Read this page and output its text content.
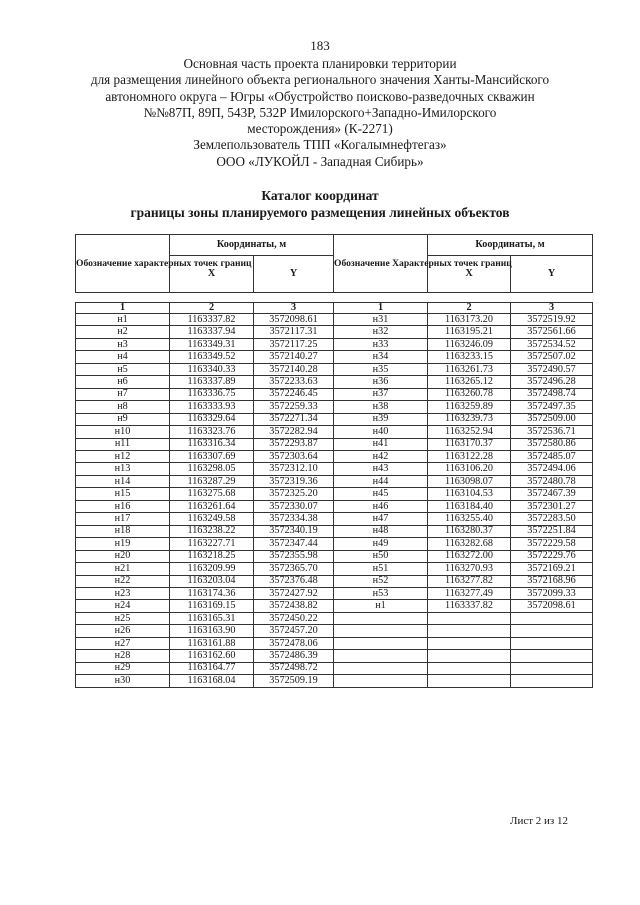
183
Основная часть проекта планировки территории
для размещения линейного объекта регионального значения Ханты-Мансийского
автономного округа – Югры «Обустройство поисково-разведочных скважин
№№87П, 89П, 543Р, 532Р Имилорского+Западно-Имилорского
месторождения» (К-2271)
Землепользователь ТПП «Когалымнефтегаз»
ООО «ЛУКОЙЛ - Западная Сибирь»
Каталог координат
границы зоны планируемого размещения линейных объектов
Обозначение характерных точек границ	Координаты, м		Обозначение Характерных точек границ	Координаты, м	
	X	Y		X	Y

1	2	3	1	2	3
н1	1163337.82	3572098.61	н31	1163173.20	3572519.92
н2	1163337.94	3572117.31	н32	1163195.21	3572561.66
н3	1163349.31	3572117.25	н33	1163246.09	3572534.52
н4	1163349.52	3572140.27	н34	1163233.15	3572507.02
н5	1163340.33	3572140.28	н35	1163261.73	3572490.57
н6	1163337.89	3572233.63	н36	1163265.12	3572496.28
н7	1163336.75	3572246.45	н37	1163260.78	3572498.74
н8	1163333.93	3572259.33	н38	1163259.89	3572497.35
н9	1163329.64	3572271.34	н39	1163239.73	3572509.00
н10	1163323.76	3572282.94	н40	1163252.94	3572536.71
н11	1163316.34	3572293.87	н41	1163170.37	3572580.86
н12	1163307.69	3572303.64	н42	1163122.28	3572485.07
н13	1163298.05	3572312.10	н43	1163106.20	3572494.06
н14	1163287.29	3572319.36	н44	1163098.07	3572480.78
н15	1163275.68	3572325.20	н45	1163104.53	3572467.39
н16	1163261.64	3572330.07	н46	1163184.40	3572301.27
н17	1163249.58	3572334.38	н47	1163255.40	3572283.50
н18	1163238.22	3572340.19	н48	1163280.37	3572251.84
н19	1163227.71	3572347.44	н49	1163282.68	3572229.58
н20	1163218.25	3572355.98	н50	1163272.00	3572229.76
н21	1163209.99	3572365.70	н51	1163270.93	3572169.21
н22	1163203.04	3572376.48	н52	1163277.82	3572168.96
н23	1163174.36	3572427.92	н53	1163277.49	3572099.33
н24	1163169.15	3572438.82	н1	1163337.82	3572098.61
н25	1163165.31	3572450.22			
н26	1163163.90	3572457.20			
н27	1163161.88	3572478.06			
н28	1163162.60	3572486.39			
н29	1163164.77	3572498.72			
н30	1163168.04	3572509.19			
Лист 2 из 12
